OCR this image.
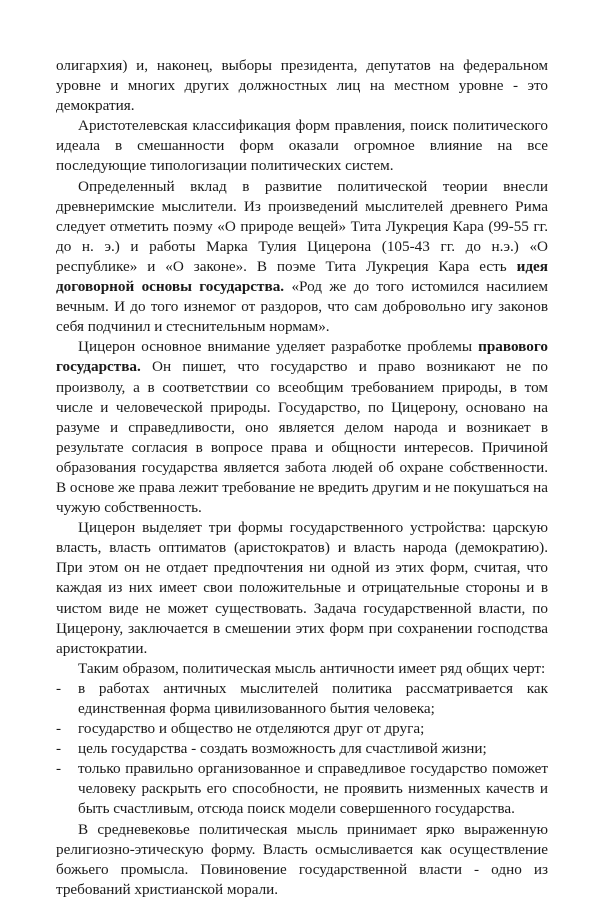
олигархия) и, наконец, выборы президента, депутатов на федеральном уровне и многих других должностных лиц на местном уровне - это демократия.

Аристотелевская классификация форм правления, поиск политического идеала в смешанности форм оказали огромное влияние на все последующие типологизации политических систем.

Определенный вклад в развитие политической теории внесли древнеримские мыслители. Из произведений мыслителей древнего Рима следует отметить поэму «О природе вещей» Тита Лукреция Кара (99-55 гг. до н. э.) и работы Марка Тулия Цицерона (105-43 гг. до н.э.) «О республике» и «О законе». В поэме Тита Лукреция Кара есть идея договорной основы государства. «Род же до того истомился насилием вечным. И до того изнемог от раздоров, что сам добровольно игу законов себя подчинил и стеснительным нормам».

Цицерон основное внимание уделяет разработке проблемы правового государства. Он пишет, что государство и право возникают не по произволу, а в соответствии со всеобщим требованием природы, в том числе и человеческой природы. Государство, по Цицерону, основано на разуме и справедливости, оно является делом народа и возникает в результате согласия в вопросе права и общности интересов. Причиной образования государства является забота людей об охране собственности. В основе же права лежит требование не вредить другим и не покушаться на чужую собственность.

Цицерон выделяет три формы государственного устройства: царскую власть, власть оптиматов (аристократов) и власть народа (демократию). При этом он не отдает предпочтения ни одной из этих форм, считая, что каждая из них имеет свои положительные и отрицательные стороны и в чистом виде не может существовать. Задача государственной власти, по Цицерону, заключается в смешении этих форм при сохранении господства аристократии.

Таким образом, политическая мысль античности имеет ряд общих черт:

- в работах античных мыслителей политика рассматривается как единственная форма цивилизованного бытия человека;
- государство и общество не отделяются друг от друга;
- цель государства - создать возможность для счастливой жизни;
- только правильно организованное и справедливое государство поможет человеку раскрыть его способности, не проявить низменных качеств и быть счастливым, отсюда поиск модели совершенного государства.

В средневековье политическая мысль принимает ярко выраженную религиозно-этическую форму. Власть осмысливается как осуществление божьего промысла. Повиновение государственной власти - одно из требований христианской морали.
